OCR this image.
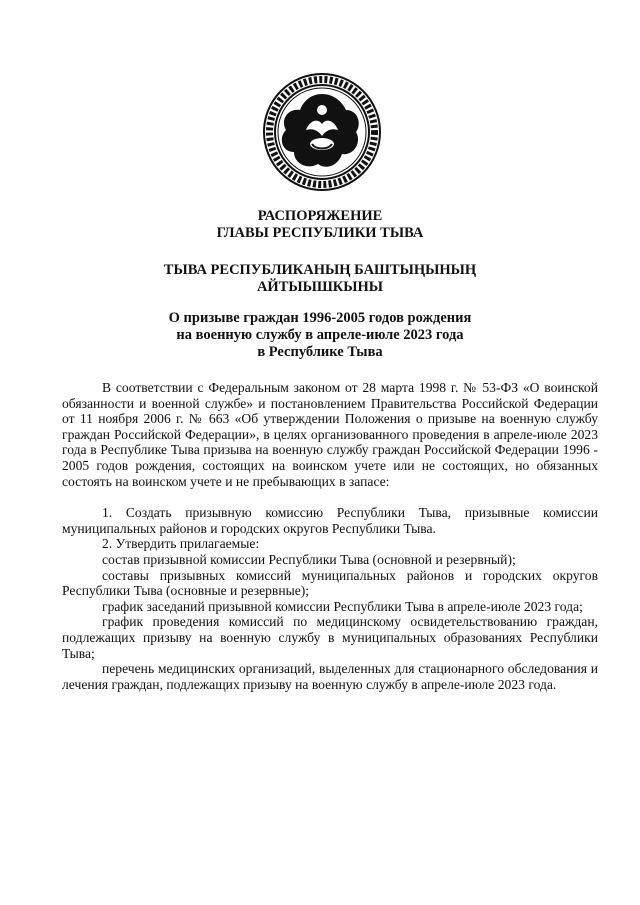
РАСПОРЯЖЕНИЕ
ГЛАВЫ РЕСПУБЛИКИ ТЫВА
ТЫВА РЕСПУБЛИКАНЫҢ БАШТЫҢЫНЫҢ
АЙТЫЫШКЫНЫ
О призыве граждан 1996-2005 годов рождения
на военную службу в апреле-июле 2023 года
в Республике Тыва

В соответствии с Федеральным законом от 28 марта 1998 г. № 53-ФЗ «О воинской обязанности и военной службе» и постановлением Правительства Российской Федерации от 11 ноября 2006 г. № 663 «Об утверждении Положения о призыве на военную службу граждан Российской Федерации», в целях организованного проведения в апреле-июле 2023 года в Республике Тыва призыва на военную службу граждан Российской Федерации 1996 - 2005 годов рождения, состоящих на воинском учете или не состоящих, но обязанных состоять на воинском учете и не пребывающих в запасе:

1. Создать призывную комиссию Республики Тыва, призывные комиссии муниципальных районов и городских округов Республики Тыва.

2. Утвердить прилагаемые:

состав призывной комиссии Республики Тыва (основной и резервный);

составы призывных комиссий муниципальных районов и городских округов Республики Тыва (основные и резервные);

график заседаний призывной комиссии Республики Тыва в апреле-июле 2023 года;

график проведения комиссий по медицинскому освидетельствованию граждан, подлежащих призыву на военную службу в муниципальных образованиях Республики Тыва;

перечень медицинских организаций, выделенных для стационарного обследования и лечения граждан, подлежащих призыву на военную службу в апреле-июле 2023 года.
